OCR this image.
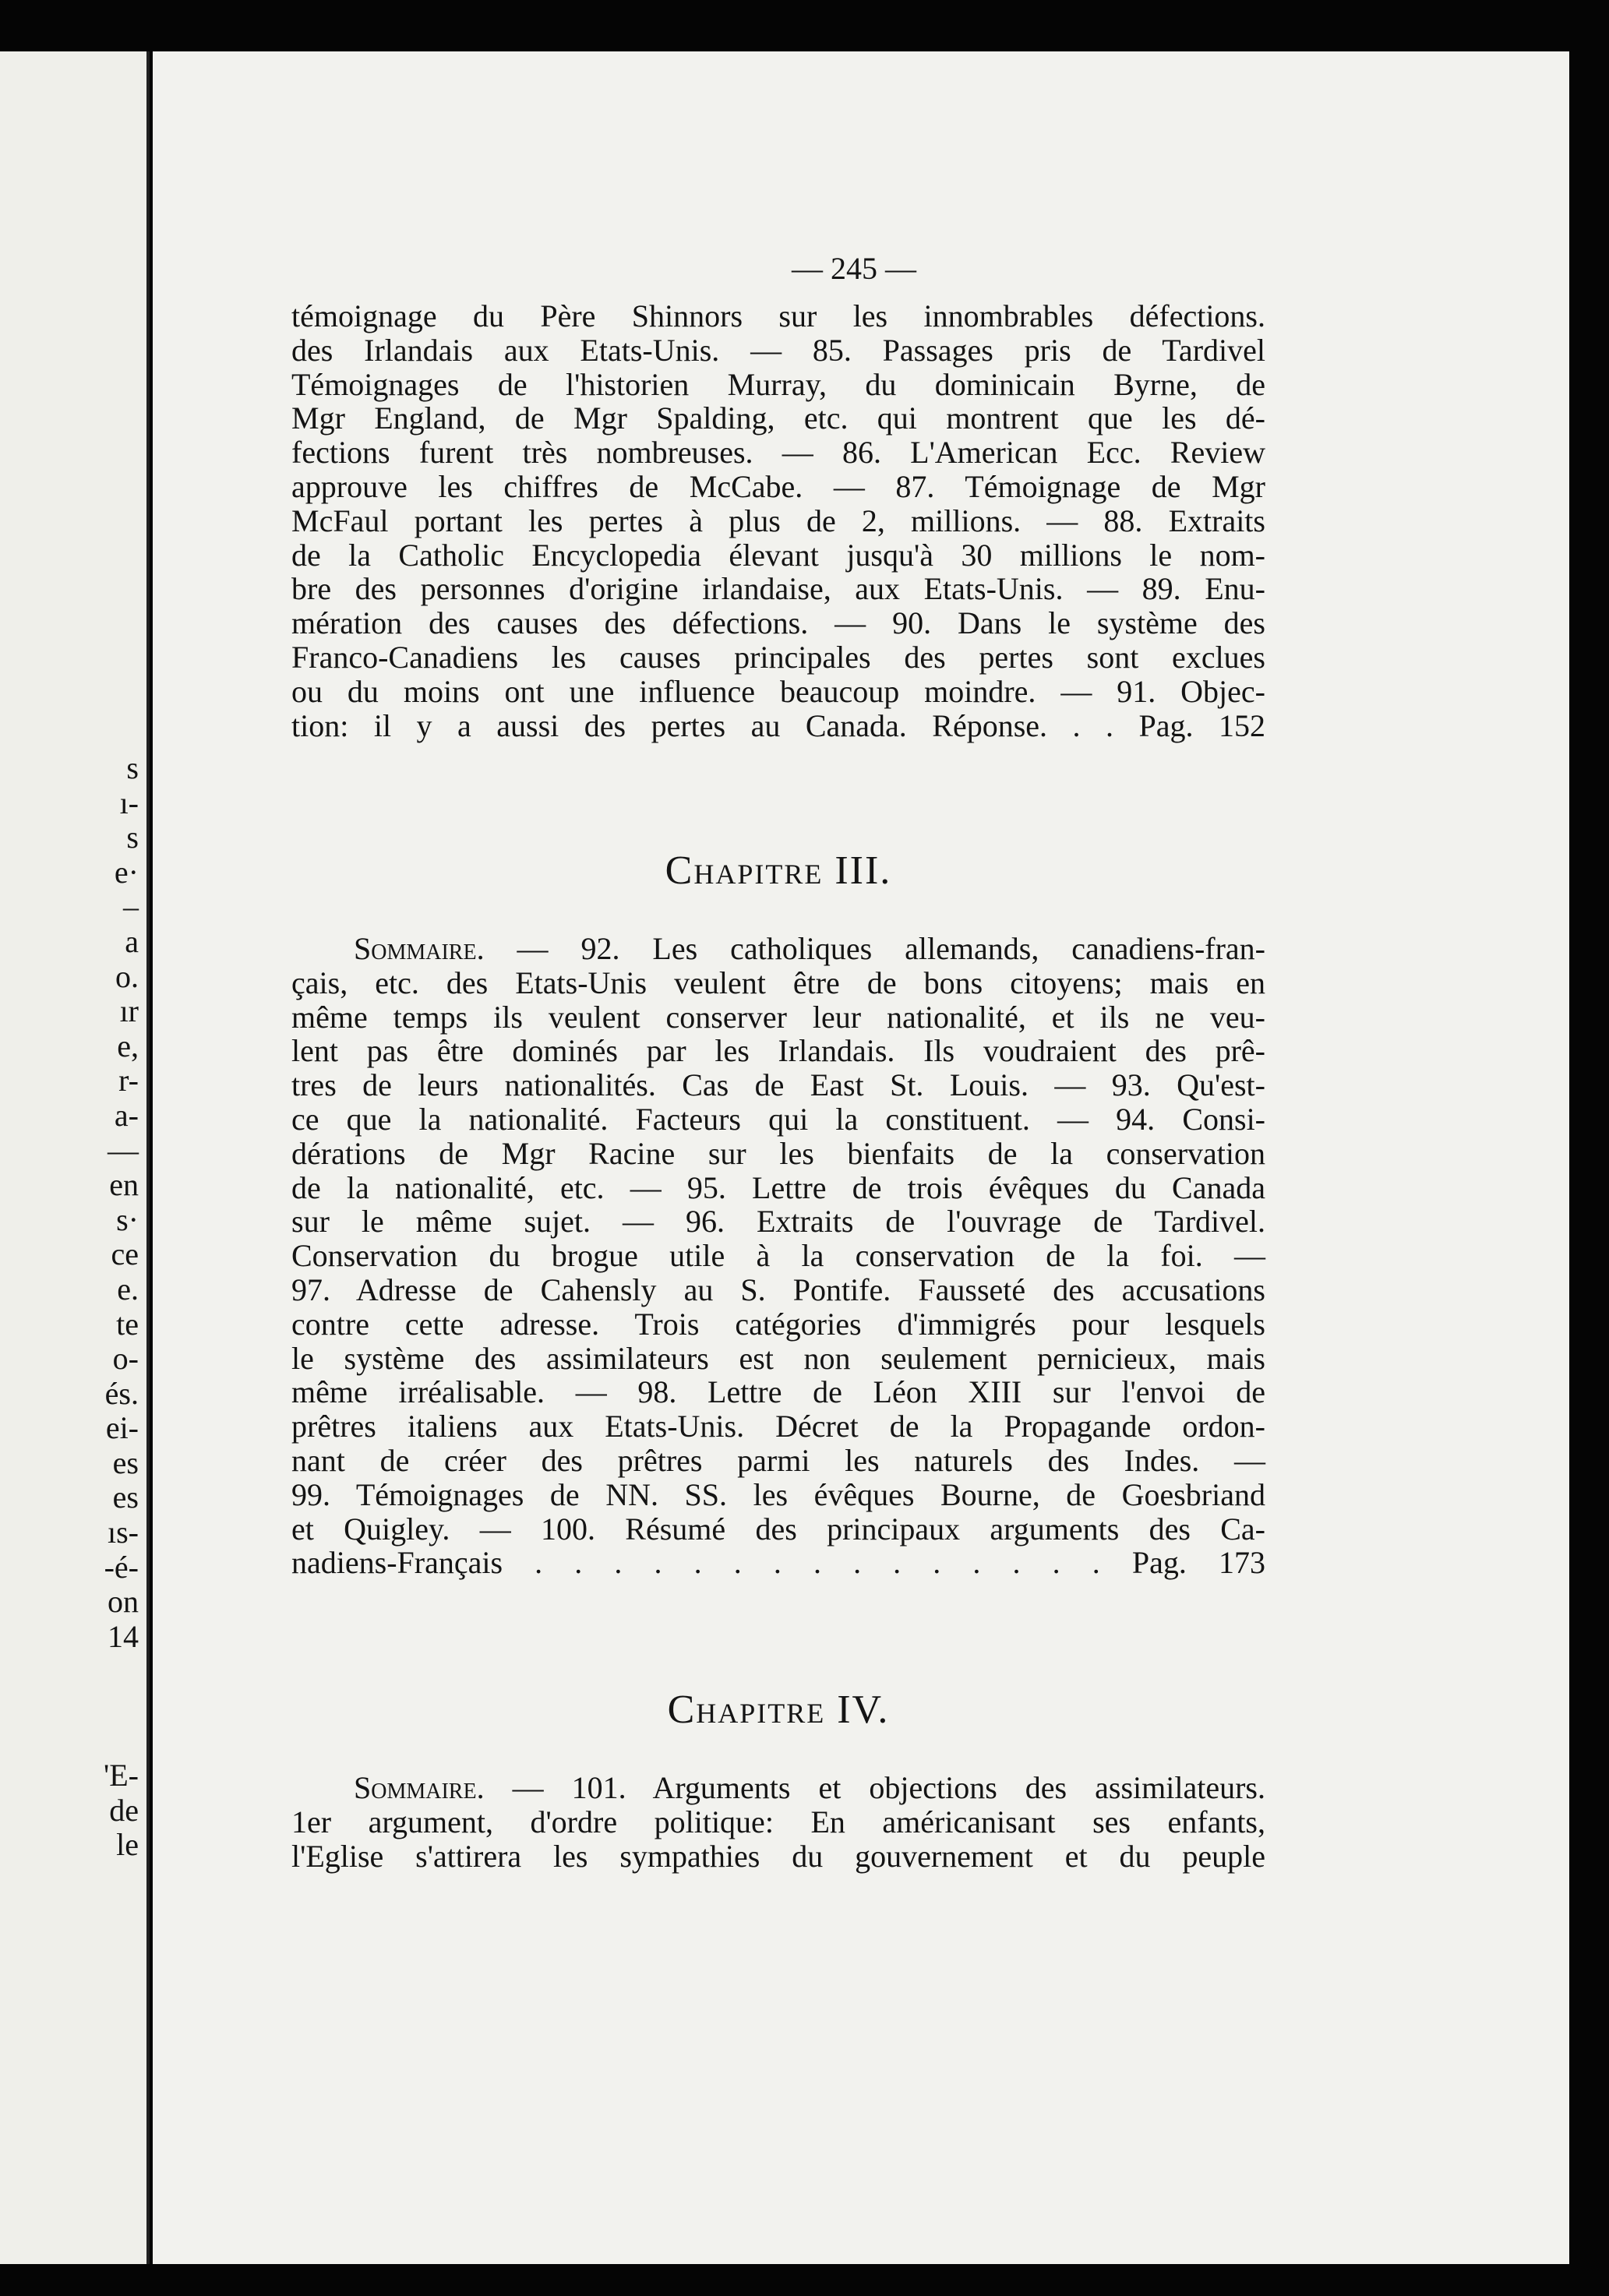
s
ı-
s
e·
–
a
o.
ır
e,
r-
a-
—
en
s·
ce
e.
te
o-
és.
ei-
es
es
ıs-
-é-
on
14
'E-
de
le
— 245 —
témoignage du Père Shinnors sur les innombrables défections.
des Irlandais aux Etats-Unis. — 85. Passages pris de Tardivel
Témoignages de l'historien Murray, du dominicain Byrne, de
Mgr England, de Mgr Spalding, etc. qui montrent que les dé-
fections furent très nombreuses. — 86. L'American Ecc. Review
approuve les chiffres de McCabe. — 87. Témoignage de Mgr
McFaul portant les pertes à plus de 2, millions. — 88. Extraits
de la Catholic Encyclopedia élevant jusqu'à 30 millions le nom-
bre des personnes d'origine irlandaise, aux Etats-Unis. — 89. Enu-
mération des causes des défections. — 90. Dans le système des
Franco-Canadiens les causes principales des pertes sont exclues
ou du moins ont une influence beaucoup moindre. — 91. Objec-
tion: il y a aussi des pertes au Canada. Réponse. . . Pag. 152
Chapitre III.
Sommaire. — 92. Les catholiques allemands, canadiens-fran-
çais, etc. des Etats-Unis veulent être de bons citoyens; mais en
même temps ils veulent conserver leur nationalité, et ils ne veu-
lent pas être dominés par les Irlandais. Ils voudraient des prê-
tres de leurs nationalités. Cas de East St. Louis. — 93. Qu'est-
ce que la nationalité. Facteurs qui la constituent. — 94. Consi-
dérations de Mgr Racine sur les bienfaits de la conservation
de la nationalité, etc. — 95. Lettre de trois évêques du Canada
sur le même sujet. — 96. Extraits de l'ouvrage de Tardivel.
Conservation du brogue utile à la conservation de la foi. —
97. Adresse de Cahensly au S. Pontife. Fausseté des accusations
contre cette adresse. Trois catégories d'immigrés pour lesquels
le système des assimilateurs est non seulement pernicieux, mais
même irréalisable. — 98. Lettre de Léon XIII sur l'envoi de
prêtres italiens aux Etats-Unis. Décret de la Propagande ordon-
nant de créer des prêtres parmi les naturels des Indes. —
99. Témoignages de NN. SS. les évêques Bourne, de Goesbriand
et Quigley. — 100. Résumé des principaux arguments des Ca-
nadiens-Français . . . . . . . . . . . . . . . Pag. 173
Chapitre IV.
Sommaire. — 101. Arguments et objections des assimilateurs.
1er argument, d'ordre politique: En américanisant ses enfants,
l'Eglise s'attirera les sympathies du gouvernement et du peuple
